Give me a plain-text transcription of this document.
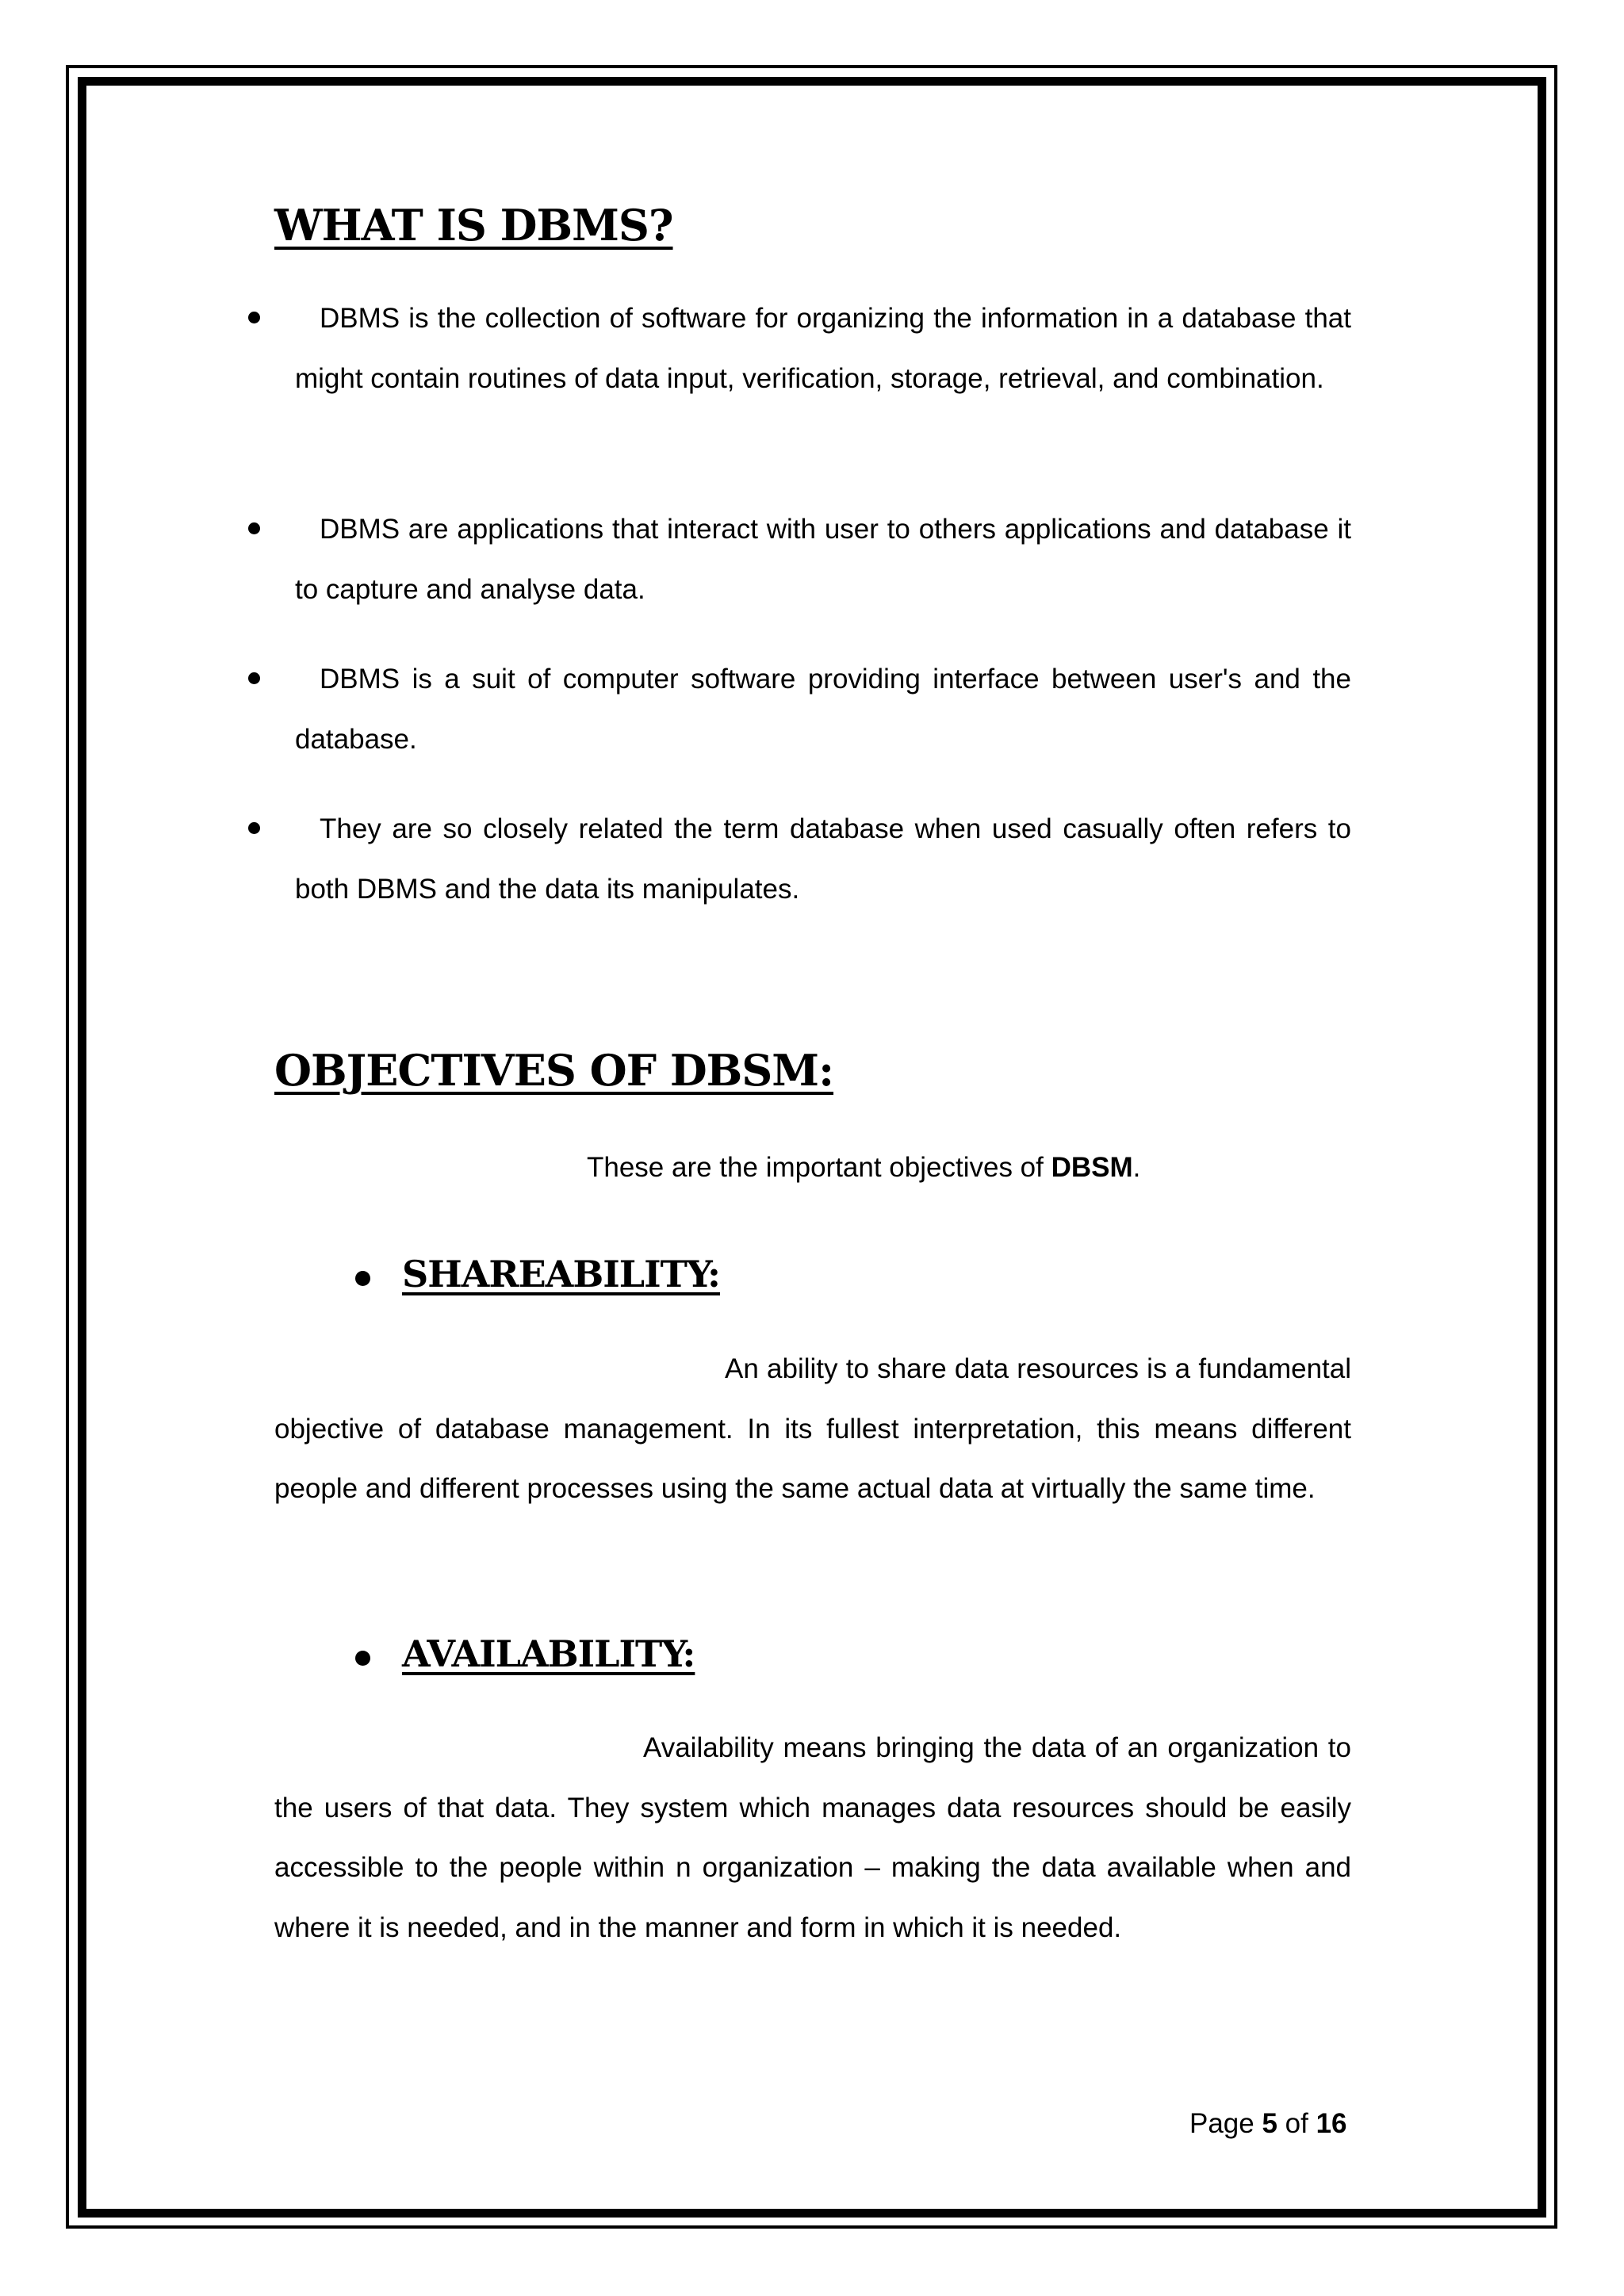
WHAT IS DBMS?
DBMS is the collection of software for organizing the information in a database that might contain routines of data input, verification, storage, retrieval, and combination.
DBMS are applications that interact with user to others applications and database it to capture and analyse data.
DBMS is a suit of computer software providing interface between user's and the database.
They are so closely related the term database when used casually often refers to both DBMS and the data its manipulates.
OBJECTIVES OF DBSM:
These are the important objectives of DBSM.
SHAREABILITY:
An ability to share data resources is a fundamental objective of database management. In its fullest interpretation, this means different people and different processes using the same actual data at virtually the same time.
AVAILABILITY:
Availability means bringing the data of an organization to the users of that data. They system which manages data resources should be easily accessible to the people within n organization – making the data available when and where it is needed, and in the manner and form in which it is needed.
Page 5 of 16
